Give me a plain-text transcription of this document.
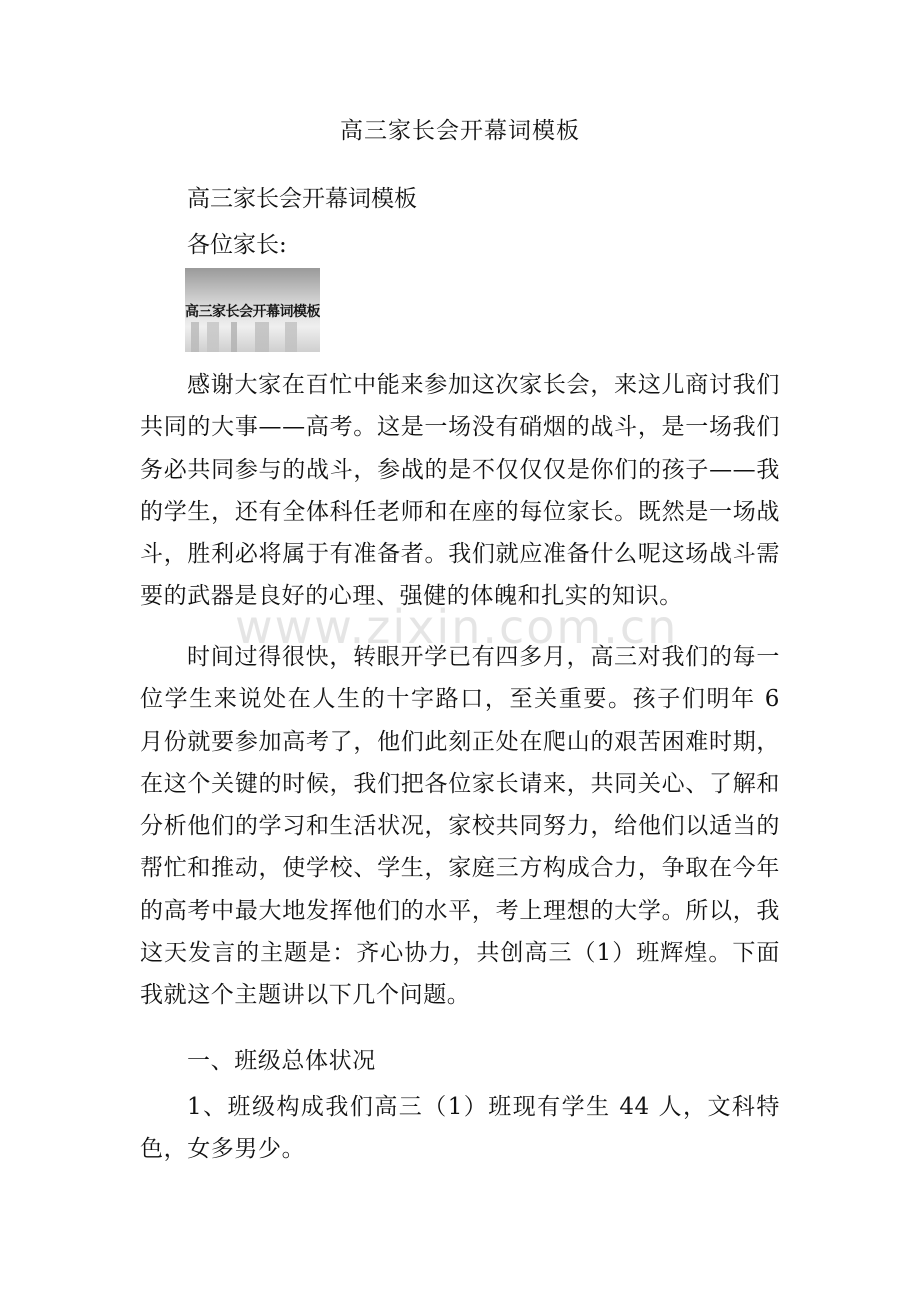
高三家长会开幕词模板
高三家长会开幕词模板
各位家长:
高三家长会开幕词模板
感谢大家在百忙中能来参加这次家长会，来这儿商讨我们共同的大事——高考。这是一场没有硝烟的战斗，是一场我们务必共同参与的战斗，参战的是不仅仅仅是你们的孩子——我的学生，还有全体科任老师和在座的每位家长。既然是一场战斗，胜利必将属于有准备者。我们就应准备什么呢这场战斗需要的武器是良好的心理、强健的体魄和扎实的知识。
时间过得很快，转眼开学已有四多月，高三对我们的每一位学生来说处在人生的十字路口，至关重要。孩子们明年 6 月份就要参加高考了，他们此刻正处在爬山的艰苦困难时期，在这个关键的时候，我们把各位家长请来，共同关心、了解和分析他们的学习和生活状况，家校共同努力，给他们以适当的帮忙和推动，使学校、学生，家庭三方构成合力，争取在今年的高考中最大地发挥他们的水平，考上理想的大学。所以，我这天发言的主题是：齐心协力，共创高三（1）班辉煌。下面我就这个主题讲以下几个问题。
一、班级总体状况
1、班级构成我们高三（1）班现有学生 44 人，文科特色，女多男少。
www.zixin.com.cn
